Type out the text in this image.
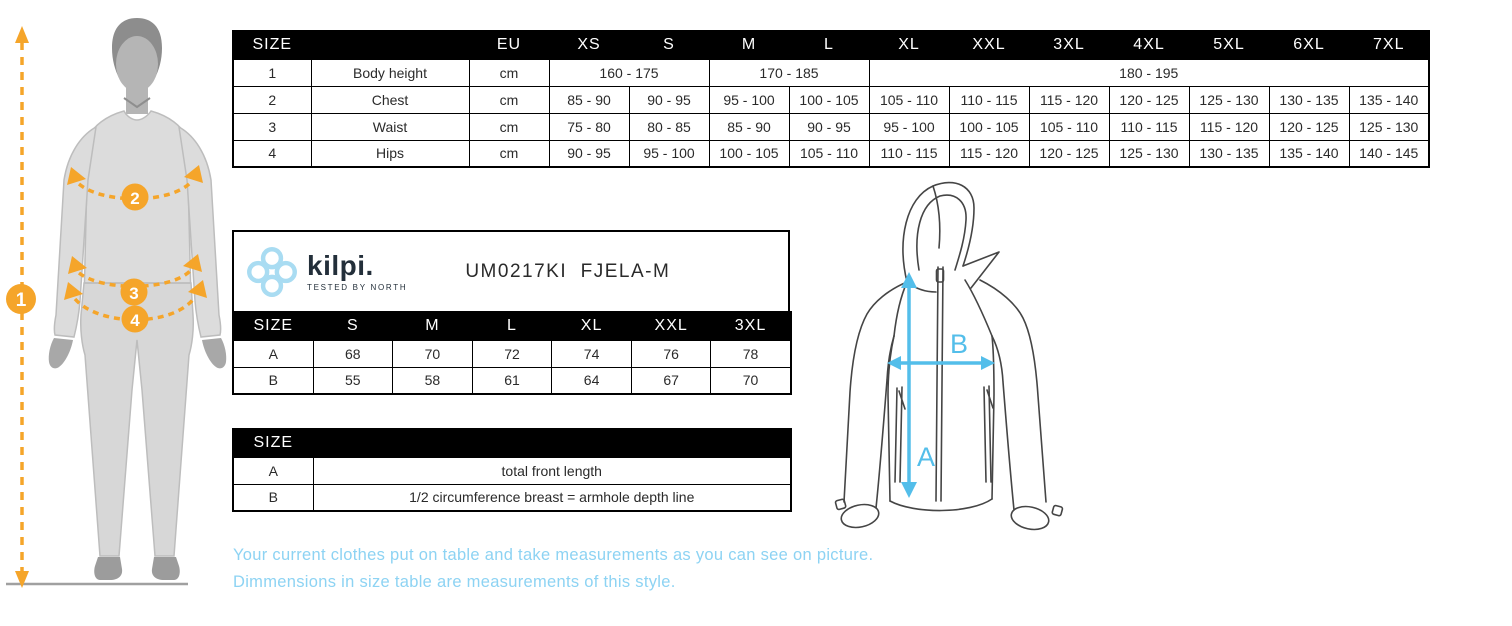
1
2
3
4
SIZE		EU	XS	S	M	L	XL	XXL	3XL	4XL	5XL	6XL	7XL
1	Body height	cm	160 - 175		170 - 185		180 - 195						
2	Chest	cm	85 - 90	90 - 95	95 - 100	100 - 105	105 - 110	110 - 115	115 - 120	120 - 125	125 - 130	130 - 135	135 - 140
3	Waist	cm	75 - 80	80 - 85	85 - 90	90 - 95	95 - 100	100 - 105	105 - 110	110 - 115	115 - 120	120 - 125	125 - 130
4	Hips	cm	90 - 95	95 - 100	100 - 105	105 - 110	110 - 115	115 - 120	120 - 125	125 - 130	130 - 135	135 - 140	140 - 145
kilpi.
TESTED BY NORTH
UM0217KI  FJELA-M
SIZE	S	M	L	XL	XXL	3XL
A	68	70	72	74	76	78
B	55	58	61	64	67	70
SIZE	
A	total front length
B	1/2 circumference breast = armhole depth line
A
B
Your current clothes put on table and take measurements as you can see on picture.
Dimmensions in size table are measurements of this style.
